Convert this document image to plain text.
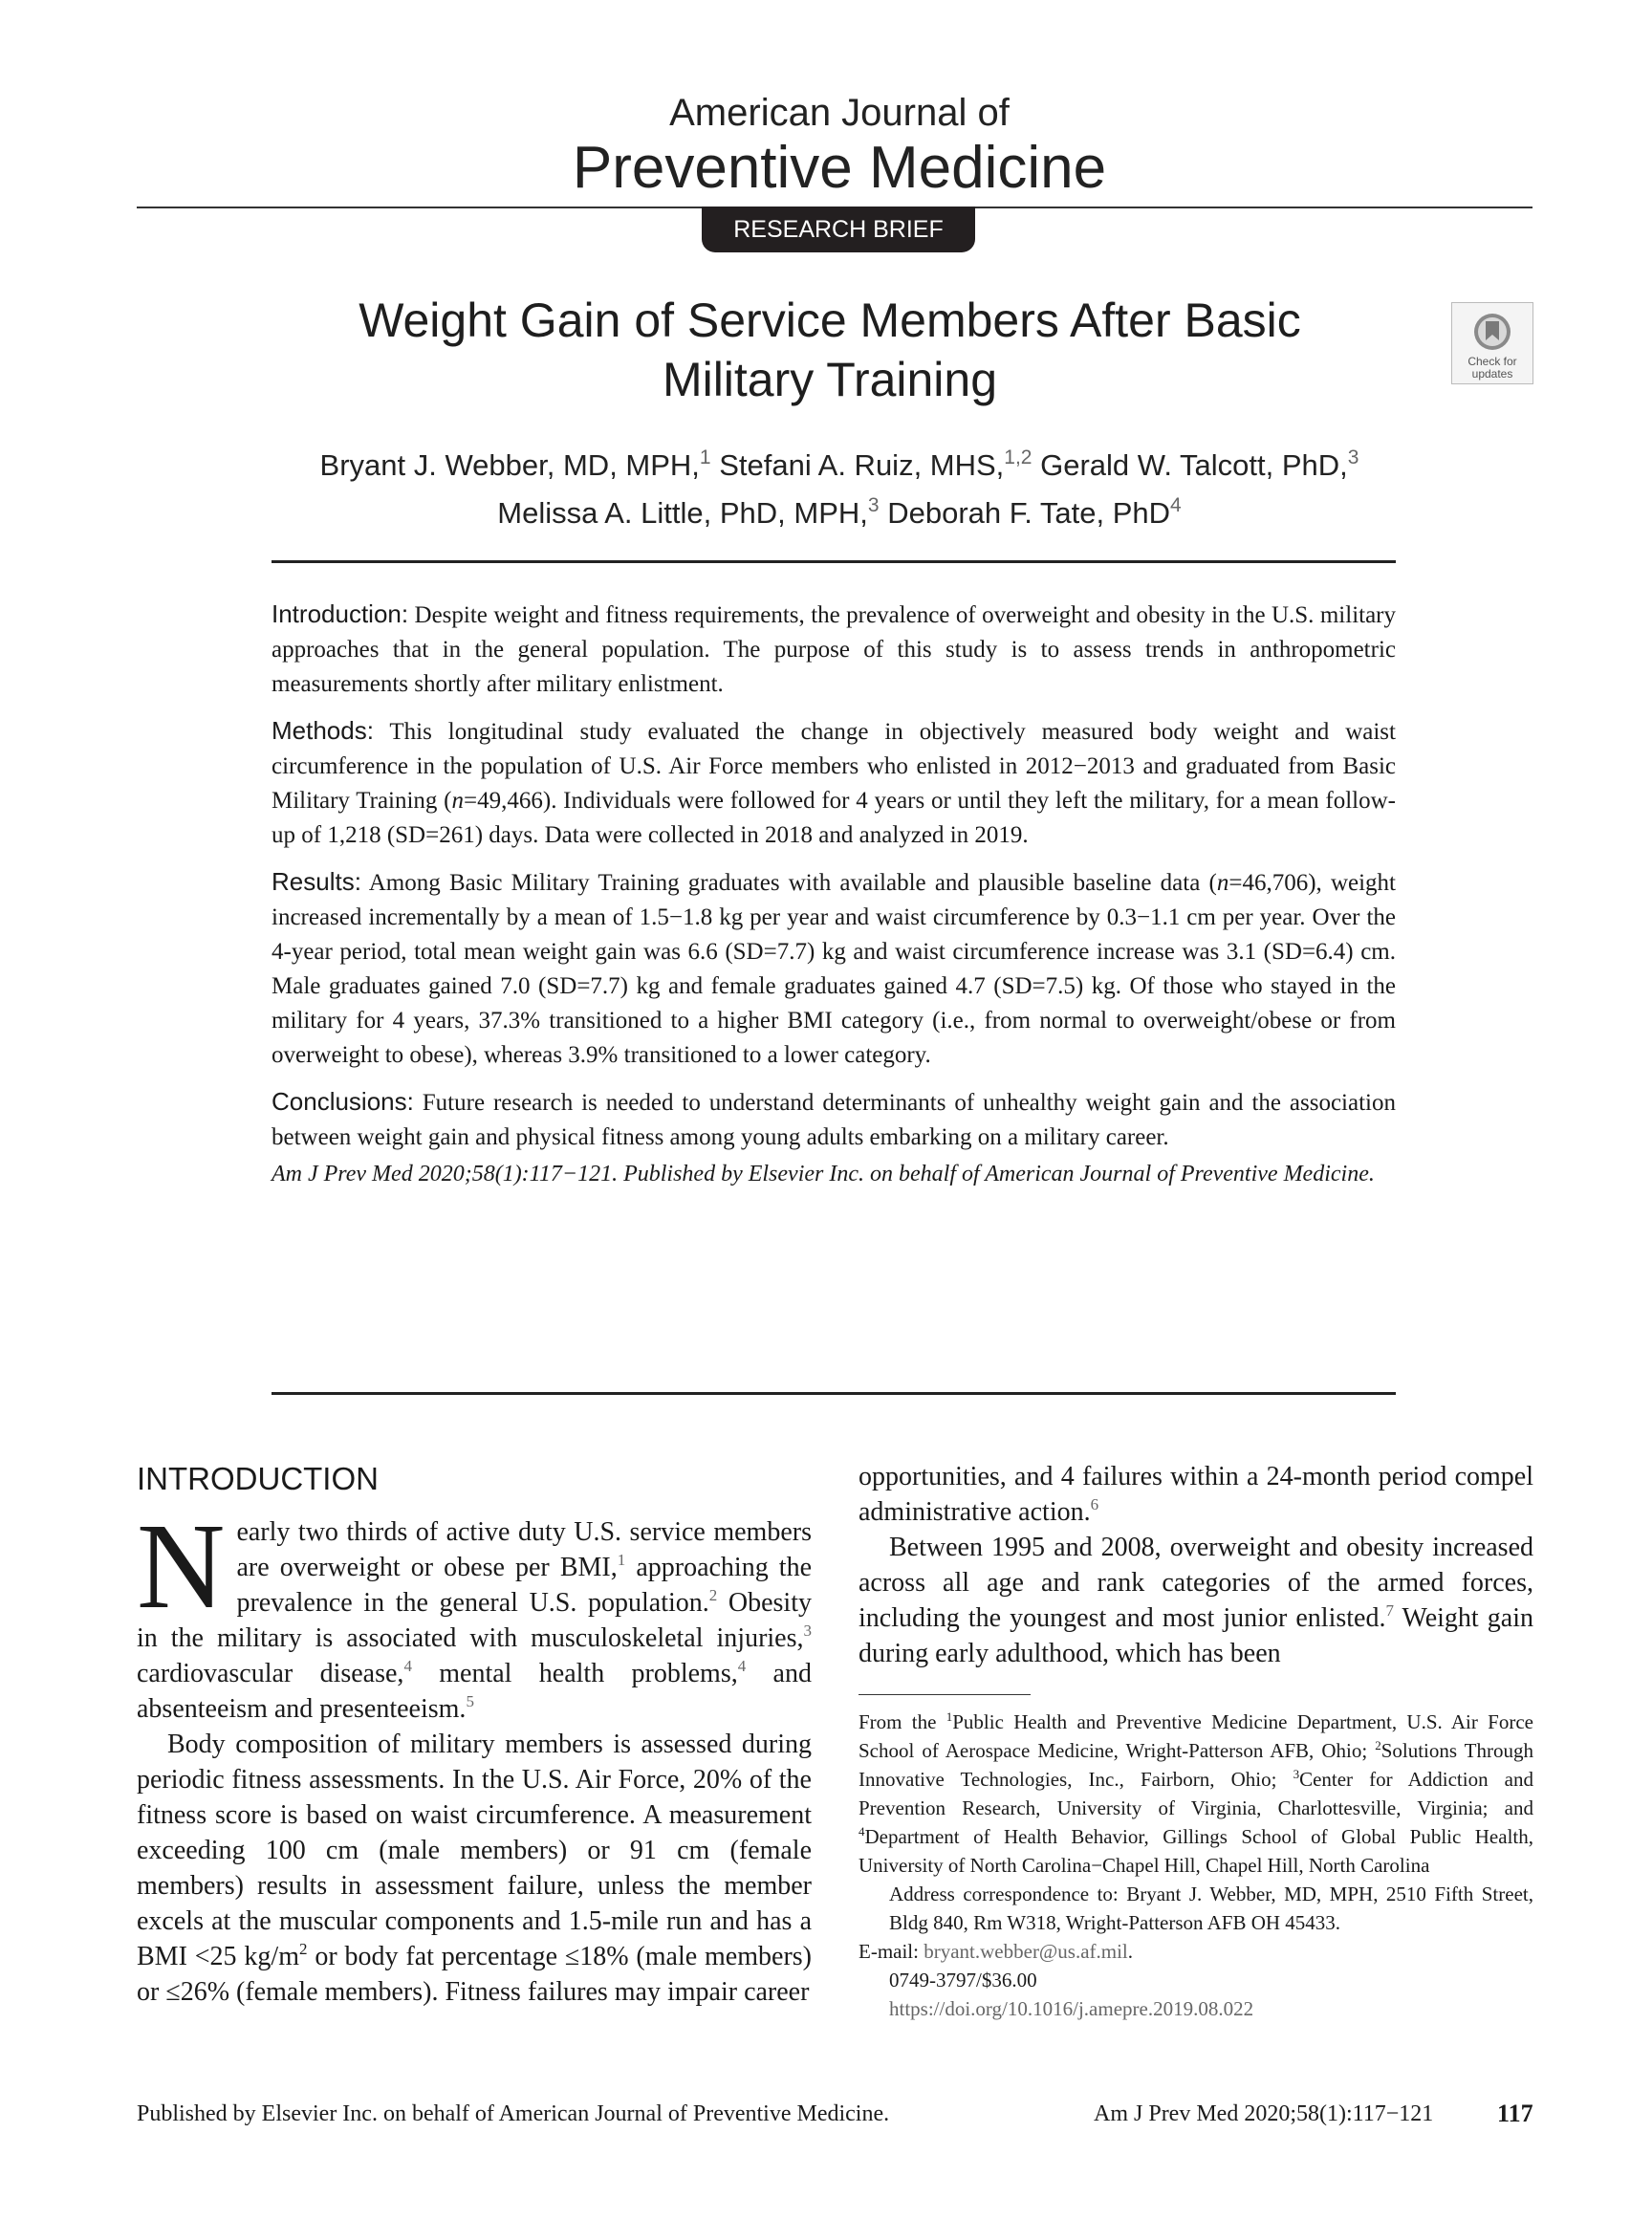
American Journal of
Preventive Medicine
RESEARCH BRIEF
Check for updates
Weight Gain of Service Members After Basic Military Training
Bryant J. Webber, MD, MPH,$^1$ Stefani A. Ruiz, MHS,$^{1,2}$ Gerald W. Talcott, PhD,$^3$
Melissa A. Little, PhD, MPH,$^3$ Deborah F. Tate, PhD$^4$

Introduction: Despite weight and fitness requirements, the prevalence of overweight and obesity in the U.S. military approaches that in the general population. The purpose of this study is to assess trends in anthropometric measurements shortly after military enlistment.

Methods: This longitudinal study evaluated the change in objectively measured body weight and waist circumference in the population of U.S. Air Force members who enlisted in 2012−2013 and graduated from Basic Military Training (n=49,466). Individuals were followed for 4 years or until they left the military, for a mean follow-up of 1,218 (SD=261) days. Data were collected in 2018 and analyzed in 2019.

Results: Among Basic Military Training graduates with available and plausible baseline data (n=46,706), weight increased incrementally by a mean of 1.5−1.8 kg per year and waist circumference by 0.3−1.1 cm per year. Over the 4-year period, total mean weight gain was 6.6 (SD=7.7) kg and waist circumference increase was 3.1 (SD=6.4) cm. Male graduates gained 7.0 (SD=7.7) kg and female graduates gained 4.7 (SD=7.5) kg. Of those who stayed in the military for 4 years, 37.3% transitioned to a higher BMI category (i.e., from normal to overweight/obese or from overweight to obese), whereas 3.9% transitioned to a lower category.

Conclusions: Future research is needed to understand determinants of unhealthy weight gain and the association between weight gain and physical fitness among young adults embarking on a military career.

Am J Prev Med 2020;58(1):117−121. Published by Elsevier Inc. on behalf of American Journal of Preventive Medicine.

INTRODUCTION

Nearly two thirds of active duty U.S. service members are overweight or obese per BMI,$^1$ approaching the prevalence in the general U.S. population.$^2$ Obesity in the military is associated with musculoskeletal injuries,$^3$ cardiovascular disease,$^4$ mental health problems,$^4$ and absenteeism and presenteeism.$^5$

Body composition of military members is assessed during periodic fitness assessments. In the U.S. Air Force, 20% of the fitness score is based on waist circumference. A measurement exceeding 100 cm (male members) or 91 cm (female members) results in assessment failure, unless the member excels at the muscular components and 1.5-mile run and has a BMI <25 $kg/m^2$ or body fat percentage ≤18% (male members) or ≤26% (female members). Fitness failures may impair career

opportunities, and 4 failures within a 24-month period compel administrative action.$^6$

Between 1995 and 2008, overweight and obesity increased across all age and rank categories of the armed forces, including the youngest and most junior enlisted.$^7$ Weight gain during early adulthood, which has been

From the $^1$Public Health and Preventive Medicine Department, U.S. Air Force School of Aerospace Medicine, Wright-Patterson AFB, Ohio; $^2$Solutions Through Innovative Technologies, Inc., Fairborn, Ohio; $^3$Center for Addiction and Prevention Research, University of Virginia, Charlottesville, Virginia; and $^4$Department of Health Behavior, Gillings School of Global Public Health, University of North Carolina−Chapel Hill, Chapel Hill, North Carolina

Address correspondence to: Bryant J. Webber, MD, MPH, 2510 Fifth Street, Bldg 840, Rm W318, Wright-Patterson AFB OH 45433.

E-mail: bryant.webber@us.af.mil.

0749-3797/$36.00

https://doi.org/10.1016/j.amepre.2019.08.022

Published by Elsevier Inc. on behalf of American Journal of Preventive Medicine.	Am J Prev Med 2020;58(1):117−121	117
